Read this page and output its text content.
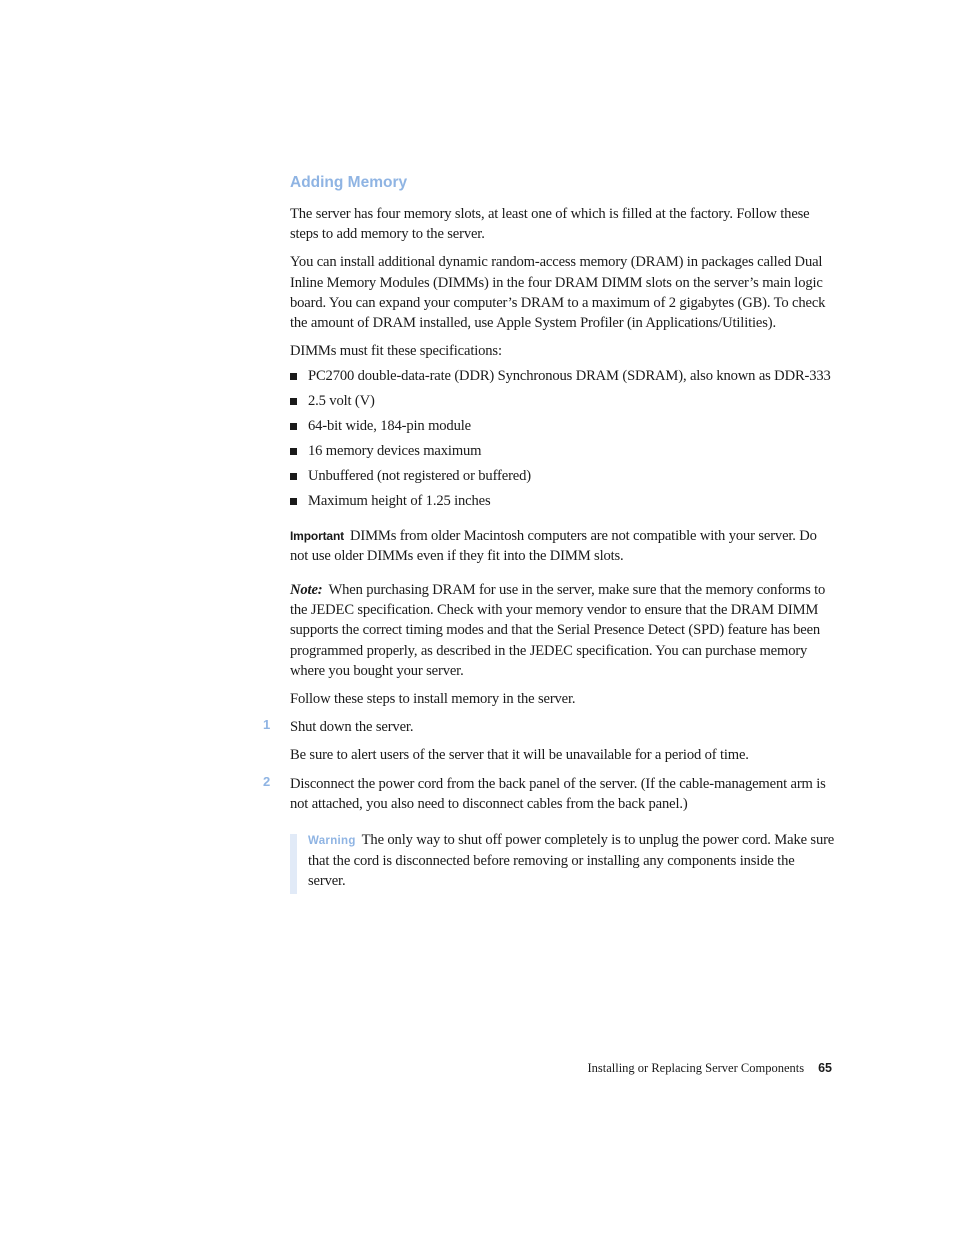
Adding Memory

The server has four memory slots, at least one of which is filled at the factory. Follow these steps to add memory to the server.

You can install additional dynamic random-access memory (DRAM) in packages called Dual Inline Memory Modules (DIMMs) in the four DRAM DIMM slots on the server’s main logic board. You can expand your computer’s DRAM to a maximum of 2 gigabytes (GB). To check the amount of DRAM installed, use Apple System Profiler (in Applications/Utilities).

DIMMs must fit these specifications:

PC2700 double-data-rate (DDR) Synchronous DRAM (SDRAM), also known as DDR-333
2.5 volt (V)
64-bit wide, 184-pin module
16 memory devices maximum
Unbuffered (not registered or buffered)
Maximum height of 1.25 inches

Important DIMMs from older Macintosh computers are not compatible with your server. Do not use older DIMMs even if they fit into the DIMM slots.

Note: When purchasing DRAM for use in the server, make sure that the memory conforms to the JEDEC specification. Check with your memory vendor to ensure that the DRAM DIMM supports the correct timing modes and that the Serial Presence Detect (SPD) feature has been programmed properly, as described in the JEDEC specification. You can purchase memory where you bought your server.

Follow these steps to install memory in the server.

1 Shut down the server.

Be sure to alert users of the server that it will be unavailable for a period of time.

2 Disconnect the power cord from the back panel of the server. (If the cable-management arm is not attached, you also need to disconnect cables from the back panel.)

Warning The only way to shut off power completely is to unplug the power cord. Make sure that the cord is disconnected before removing or installing any components inside the server.

Installing or Replacing Server Components 65
